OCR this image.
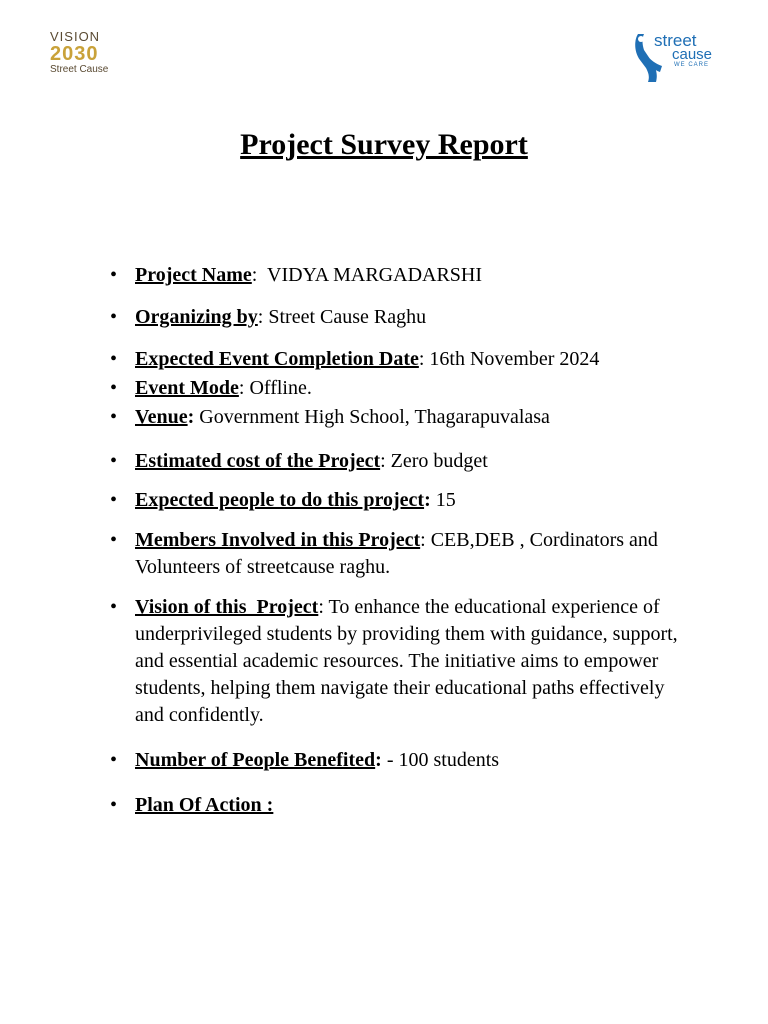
VISION
2030
Street Cause
street
cause
WE CARE
Project Survey Report
• Project Name:  VIDYA MARGADARSHI
• Organizing by: Street Cause Raghu
• Expected Event Completion Date: 16th November 2024
• Event Mode: Offline.
• Venue: Government High School, Thagarapuvalasa
• Estimated cost of the Project: Zero budget
• Expected people to do this project: 15
• Members Involved in this Project: CEB,DEB , Cordinators and Volunteers of streetcause raghu.
• Vision of this  Project: To enhance the educational experience of underprivileged students by providing them with guidance, support, and essential academic resources. The initiative aims to empower students, helping them navigate their educational paths effectively and confidently.
• Number of People Benefited: - 100 students
• Plan Of Action :
